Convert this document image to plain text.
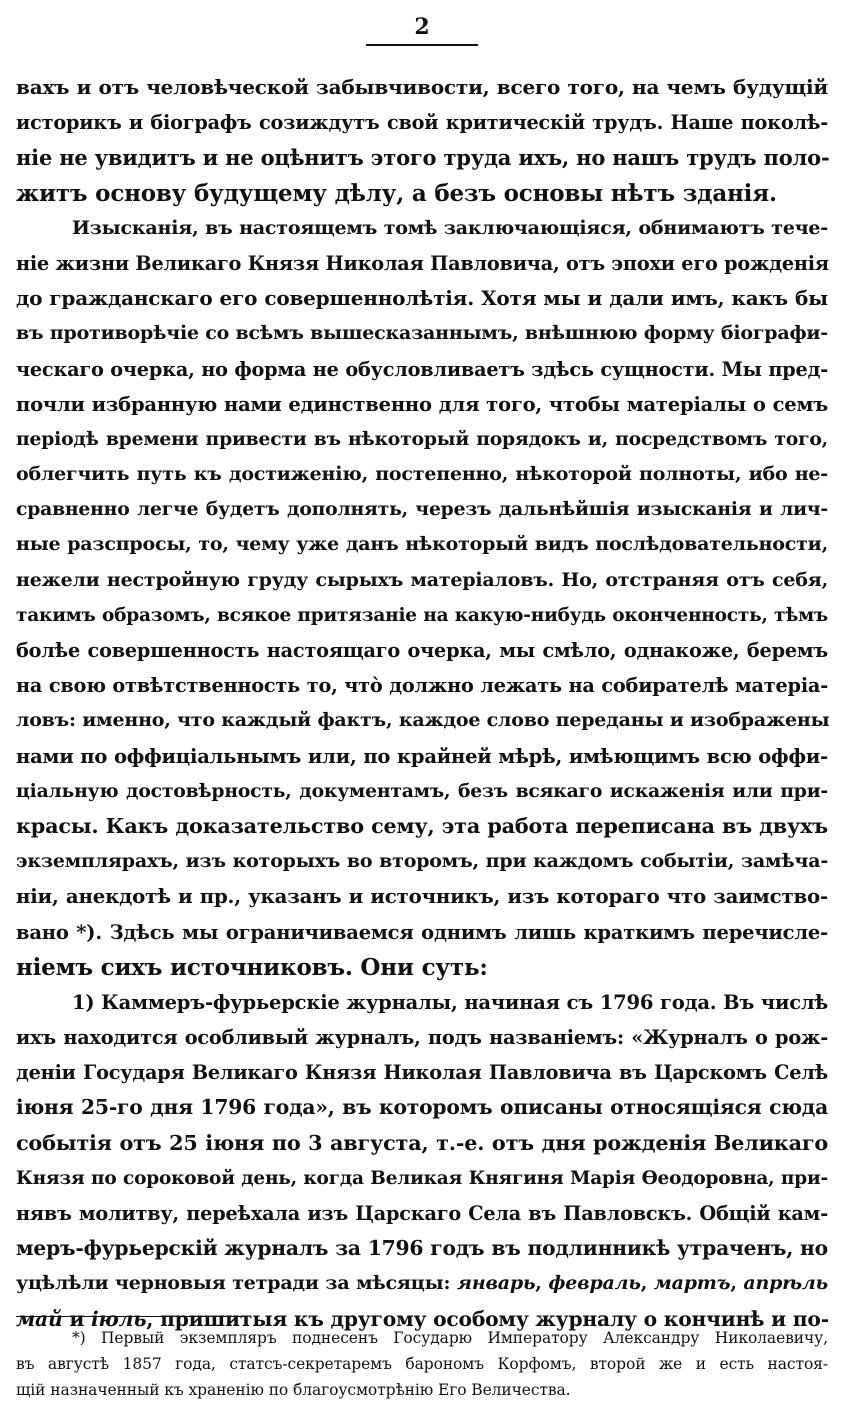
2
вахъ и отъ человѣческой забывчивости, всего того, на чемъ будущій
историкъ и біографъ созиждутъ свой критическій трудъ. Наше поколѣ-
ніе не увидитъ и не оцѣнитъ этого труда ихъ, но нашъ трудъ поло-
житъ основу будущему дѣлу, а безъ основы нѣтъ зданія.
Изысканія, въ настоящемъ томѣ заключающіяся, обнимаютъ тече-
ніе жизни Великаго Князя Николая Павловича, отъ эпохи его рожденія
до гражданскаго его совершеннолѣтія. Хотя мы и дали имъ, какъ бы
въ противорѣчіе со всѣмъ вышесказаннымъ, внѣшнюю форму біографи-
ческаго очерка, но форма не обусловливаетъ здѣсь сущности. Мы пред-
почли избранную нами единственно для того, чтобы матеріалы о семъ
періодѣ времени привести въ нѣкоторый порядокъ и, посредствомъ того,
облегчить путь къ достиженію, постепенно, нѣкоторой полноты, ибо не-
сравненно легче будетъ дополнять, черезъ дальнѣйшія изысканія и лич-
ные разспросы, то, чему уже данъ нѣкоторый видъ послѣдовательности,
нежели нестройную груду сырыхъ матеріаловъ. Но, отстраняя отъ себя,
такимъ образомъ, всякое притязаніе на какую-нибудь оконченность, тѣмъ
болѣе совершенность настоящаго очерка, мы смѣло, однакоже, беремъ
на свою отвѣтственность то, что̀ должно лежать на собирателѣ матеріа-
ловъ: именно, что каждый фактъ, каждое слово переданы и изображены
нами по оффиціальнымъ или, по крайней мѣрѣ, имѣющимъ всю оффи-
ціальную достовѣрность, документамъ, безъ всякаго искаженія или при-
красы. Какъ доказательство сему, эта работа переписана въ двухъ
экземплярахъ, изъ которыхъ во второмъ, при каждомъ событіи, замѣча-
ніи, анекдотѣ и пр., указанъ и источникъ, изъ котораго что заимство-
вано *). Здѣсь мы ограничиваемся однимъ лишь краткимъ перечисле-
ніемъ сихъ источниковъ. Они суть:
1) Каммеръ-фурьерскіе журналы, начиная съ 1796 года. Въ числѣ
ихъ находится особливый журналъ, подъ названіемъ: «Журналъ о рож-
деніи Государя Великаго Князя Николая Павловича въ Царскомъ Селѣ
іюня 25-го дня 1796 года», въ которомъ описаны относящіяся сюда
событія отъ 25 іюня по 3 августа, т.-е. отъ дня рожденія Великаго
Князя по сороковой день, когда Великая Княгиня Марія Ѳеодоровна, при-
нявъ молитву, переѣхала изъ Царскаго Села въ Павловскъ. Общій кам-
меръ-фурьерскій журналъ за 1796 годъ въ подлинникѣ утраченъ, но
уцѣлѣли черновыя тетради за мѣсяцы: январь, февраль, мартъ, апрѣль
май и іюль, пришитыя къ другому особому журналу о кончинѣ и по-
*) Первый экземпляръ поднесенъ Государю Императору Александру Николаевичу,
въ августѣ 1857 года, статсъ-секретаремъ барономъ Корфомъ, второй же и есть настоя-
щій назначенный къ храненію по благоусмотрѣнію Его Величества.
